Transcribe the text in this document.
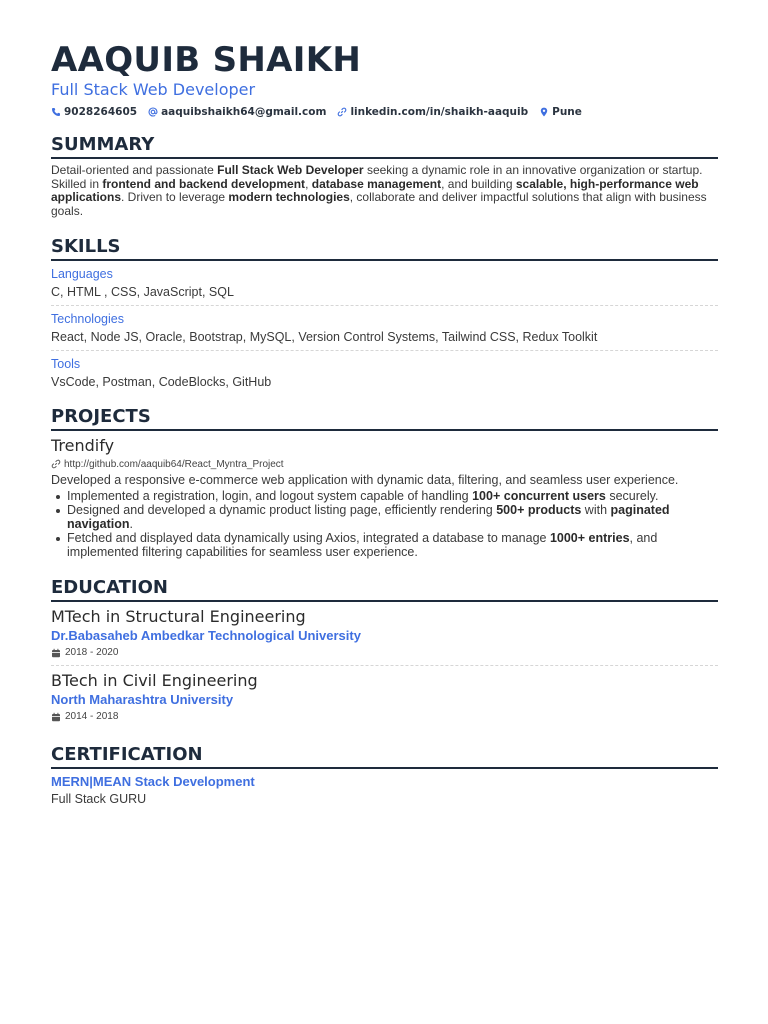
AAQUIB SHAIKH
Full Stack Web Developer
9028264605 aaquibshaikh64@gmail.com linkedin.com/in/shaikh-aaquib Pune
SUMMARY
Detail-oriented and passionate Full Stack Web Developer seeking a dynamic role in an innovative organization or startup. Skilled in frontend and backend development, database management, and building scalable, high-performance web applications. Driven to leverage modern technologies, collaborate and deliver impactful solutions that align with business goals.
SKILLS
Languages
C, HTML , CSS, JavaScript, SQL
Technologies
React, Node JS, Oracle, Bootstrap, MySQL, Version Control Systems, Tailwind CSS, Redux Toolkit
Tools
VsCode, Postman, CodeBlocks, GitHub
PROJECTS
Trendify
http://github.com/aaquib64/React_Myntra_Project
Developed a responsive e-commerce web application with dynamic data, filtering, and seamless user experience.
Implemented a registration, login, and logout system capable of handling 100+ concurrent users securely.
Designed and developed a dynamic product listing page, efficiently rendering 500+ products with paginated navigation.
Fetched and displayed data dynamically using Axios, integrated a database to manage 1000+ entries, and implemented filtering capabilities for seamless user experience.
EDUCATION
MTech in Structural Engineering
Dr.Babasaheb Ambedkar Technological University
2018 - 2020
BTech in Civil Engineering
North Maharashtra University
2014 - 2018
CERTIFICATION
MERN|MEAN Stack Development
Full Stack GURU
